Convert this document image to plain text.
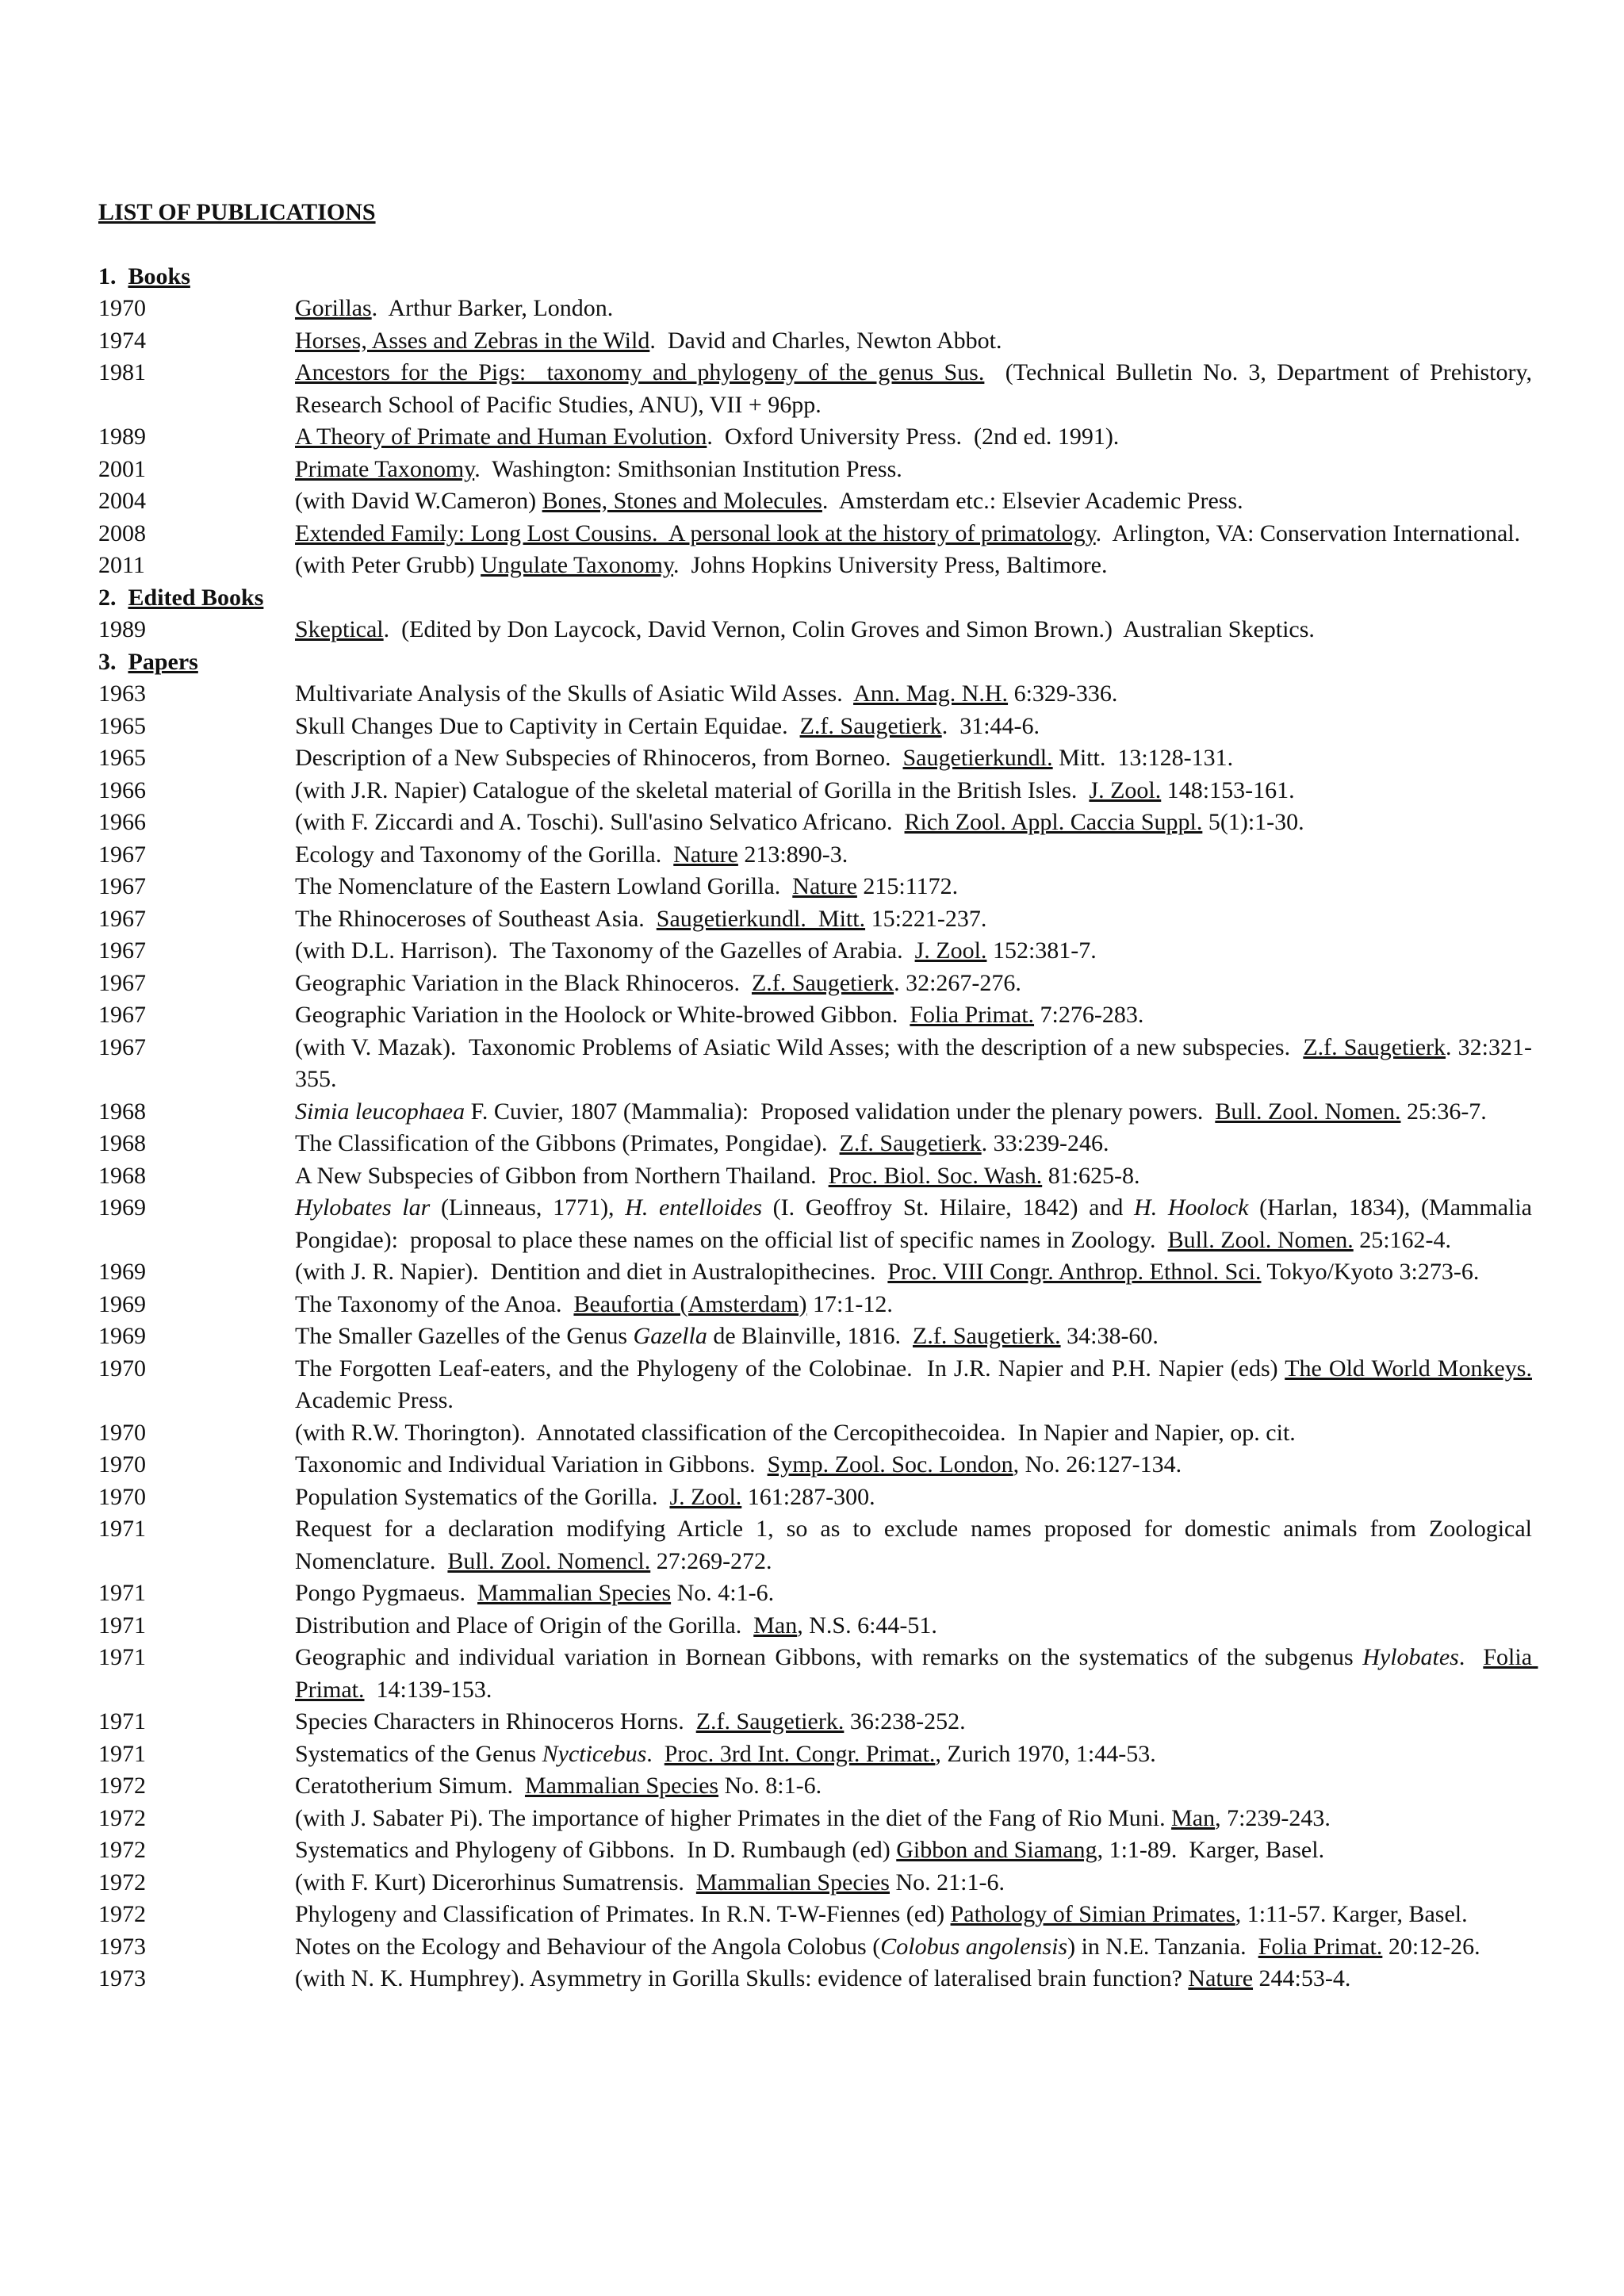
LIST OF PUBLICATIONS
1.  Books
1970	Gorillas.  Arthur Barker, London.
1974	Horses, Asses and Zebras in the Wild.  David and Charles, Newton Abbot.
1981	Ancestors for the Pigs:  taxonomy and phylogeny of the genus Sus.  (Technical Bulletin No. 3, Department of Prehistory, Research School of Pacific Studies, ANU), VII + 96pp.
1989	A Theory of Primate and Human Evolution.  Oxford University Press.  (2nd ed. 1991).
2001	Primate Taxonomy.  Washington: Smithsonian Institution Press.
2004	(with David W.Cameron) Bones, Stones and Molecules.  Amsterdam etc.: Elsevier Academic Press.
2008	Extended Family: Long Lost Cousins.  A personal look at the history of primatology.  Arlington, VA: Conservation International.
2011	(with Peter Grubb) Ungulate Taxonomy.  Johns Hopkins University Press, Baltimore.
2.  Edited Books
1989	Skeptical.  (Edited by Don Laycock, David Vernon, Colin Groves and Simon Brown.)  Australian Skeptics.
3.  Papers
1963	Multivariate Analysis of the Skulls of Asiatic Wild Asses.  Ann. Mag. N.H. 6:329-336.
1965	Skull Changes Due to Captivity in Certain Equidae.  Z.f. Saugetierk.  31:44-6.
1965	Description of a New Subspecies of Rhinoceros, from Borneo.  Saugetierkundl. Mitt.  13:128-131.
1966	(with J.R. Napier) Catalogue of the skeletal material of Gorilla in the British Isles.  J. Zool. 148:153-161.
1966	(with F. Ziccardi and A. Toschi). Sull'asino Selvatico Africano.  Rich Zool. Appl. Caccia Suppl. 5(1):1-30.
1967	Ecology and Taxonomy of the Gorilla.  Nature 213:890-3.
1967	The Nomenclature of the Eastern Lowland Gorilla.  Nature 215:1172.
1967	The Rhinoceroses of Southeast Asia.  Saugetierkundl.  Mitt. 15:221-237.
1967	(with D.L. Harrison).  The Taxonomy of the Gazelles of Arabia.  J. Zool. 152:381-7.
1967	Geographic Variation in the Black Rhinoceros.  Z.f. Saugetierk. 32:267-276.
1967	Geographic Variation in the Hoolock or White-browed Gibbon.  Folia Primat. 7:276-283.
1967	(with V. Mazak).  Taxonomic Problems of Asiatic Wild Asses; with the description of a new subspecies.  Z.f. Saugetierk. 32:321-355.
1968	Simia leucophaea F. Cuvier, 1807 (Mammalia):  Proposed validation under the plenary powers.  Bull. Zool. Nomen. 25:36-7.
1968	The Classification of the Gibbons (Primates, Pongidae).  Z.f. Saugetierk. 33:239-246.
1968	A New Subspecies of Gibbon from Northern Thailand.  Proc. Biol. Soc. Wash. 81:625-8.
1969	Hylobates lar (Linneaus, 1771), H. entelloides (I. Geoffroy St. Hilaire, 1842) and H. Hoolock (Harlan, 1834), (Mammalia Pongidae):  proposal to place these names on the official list of specific names in Zoology.  Bull. Zool. Nomen. 25:162-4.
1969	(with J. R. Napier).  Dentition and diet in Australopithecines.  Proc. VIII Congr. Anthrop. Ethnol. Sci. Tokyo/Kyoto 3:273-6.
1969	The Taxonomy of the Anoa.  Beaufortia (Amsterdam) 17:1-12.
1969	The Smaller Gazelles of the Genus Gazella de Blainville, 1816.  Z.f. Saugetierk. 34:38-60.
1970	The Forgotten Leaf-eaters, and the Phylogeny of the Colobinae.  In J.R. Napier and P.H. Napier (eds) The Old World Monkeys.  Academic Press.
1970	(with R.W. Thorington).  Annotated classification of the Cercopithecoidea.  In Napier and Napier, op. cit.
1970	Taxonomic and Individual Variation in Gibbons.  Symp. Zool. Soc. London, No. 26:127-134.
1970	Population Systematics of the Gorilla.  J. Zool. 161:287-300.
1971	Request for a declaration modifying Article 1, so as to exclude names proposed for domestic animals from Zoological Nomenclature.  Bull. Zool. Nomencl. 27:269-272.
1971	Pongo Pygmaeus.  Mammalian Species No. 4:1-6.
1971	Distribution and Place of Origin of the Gorilla.  Man, N.S. 6:44-51.
1971	Geographic and individual variation in Bornean Gibbons, with remarks on the systematics of the subgenus Hylobates.  Folia Primat.  14:139-153.
1971	Species Characters in Rhinoceros Horns.  Z.f. Saugetierk. 36:238-252.
1971	Systematics of the Genus Nycticebus.  Proc. 3rd Int. Congr. Primat., Zurich 1970, 1:44-53.
1972	Ceratotherium Simum.  Mammalian Species No. 8:1-6.
1972	(with J. Sabater Pi). The importance of higher Primates in the diet of the Fang of Rio Muni. Man, 7:239-243.
1972	Systematics and Phylogeny of Gibbons.  In D. Rumbaugh (ed) Gibbon and Siamang, 1:1-89.  Karger, Basel.
1972	(with F. Kurt) Dicerorhinus Sumatrensis.  Mammalian Species No. 21:1-6.
1972	Phylogeny and Classification of Primates. In R.N. T-W-Fiennes (ed) Pathology of Simian Primates, 1:11-57. Karger, Basel.
1973	Notes on the Ecology and Behaviour of the Angola Colobus (Colobus angolensis) in N.E. Tanzania.  Folia Primat. 20:12-26.
1973	(with N. K. Humphrey). Asymmetry in Gorilla Skulls: evidence of lateralised brain function? Nature 244:53-4.
